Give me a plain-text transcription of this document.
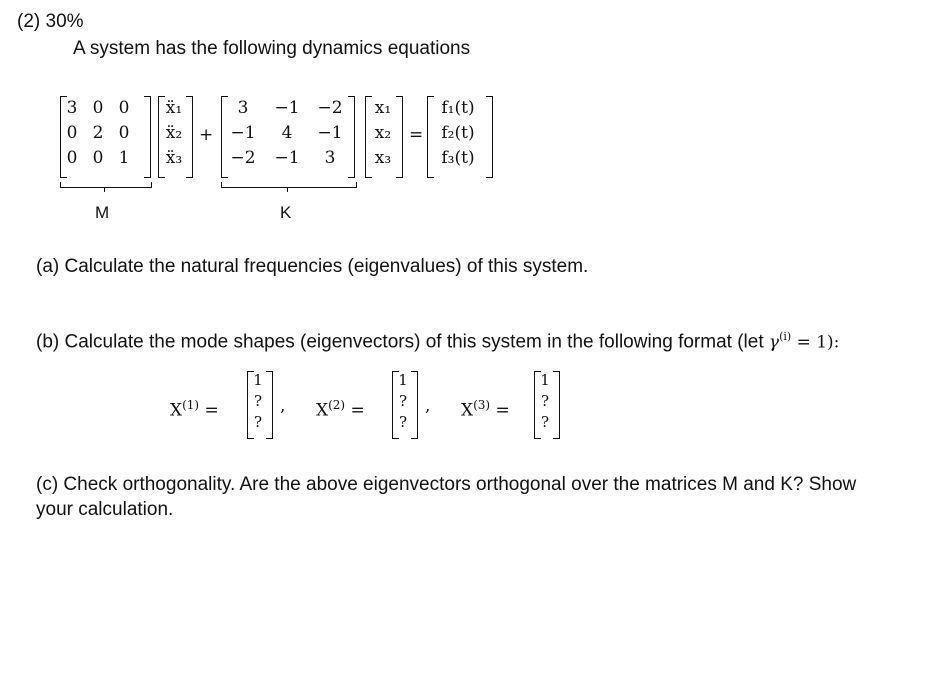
(2) 30%
A system has the following dynamics equations
3 0 0
0 2 0
0 0 1
ẍ₁
ẍ₂
ẍ₃
+
3	−1 −2
−1	4	−1
−2 −1	3
x₁
x₂
x₃
=
f₁(t)
f₂(t)
f₃(t)
M	K
(a) Calculate the natural frequencies (eigenvalues) of this system.
(b) Calculate the mode shapes (eigenvectors) of this system in the following format (let $\gamma^{(i)} = 1$):
$X^{(1)}$ =
1
?
?
, $X^{(2)}$ =
1
?
?
, $X^{(3)}$ =
1
?
?
(c) Check orthogonality. Are the above eigenvectors orthogonal over the matrices M and K? Show your calculation.
